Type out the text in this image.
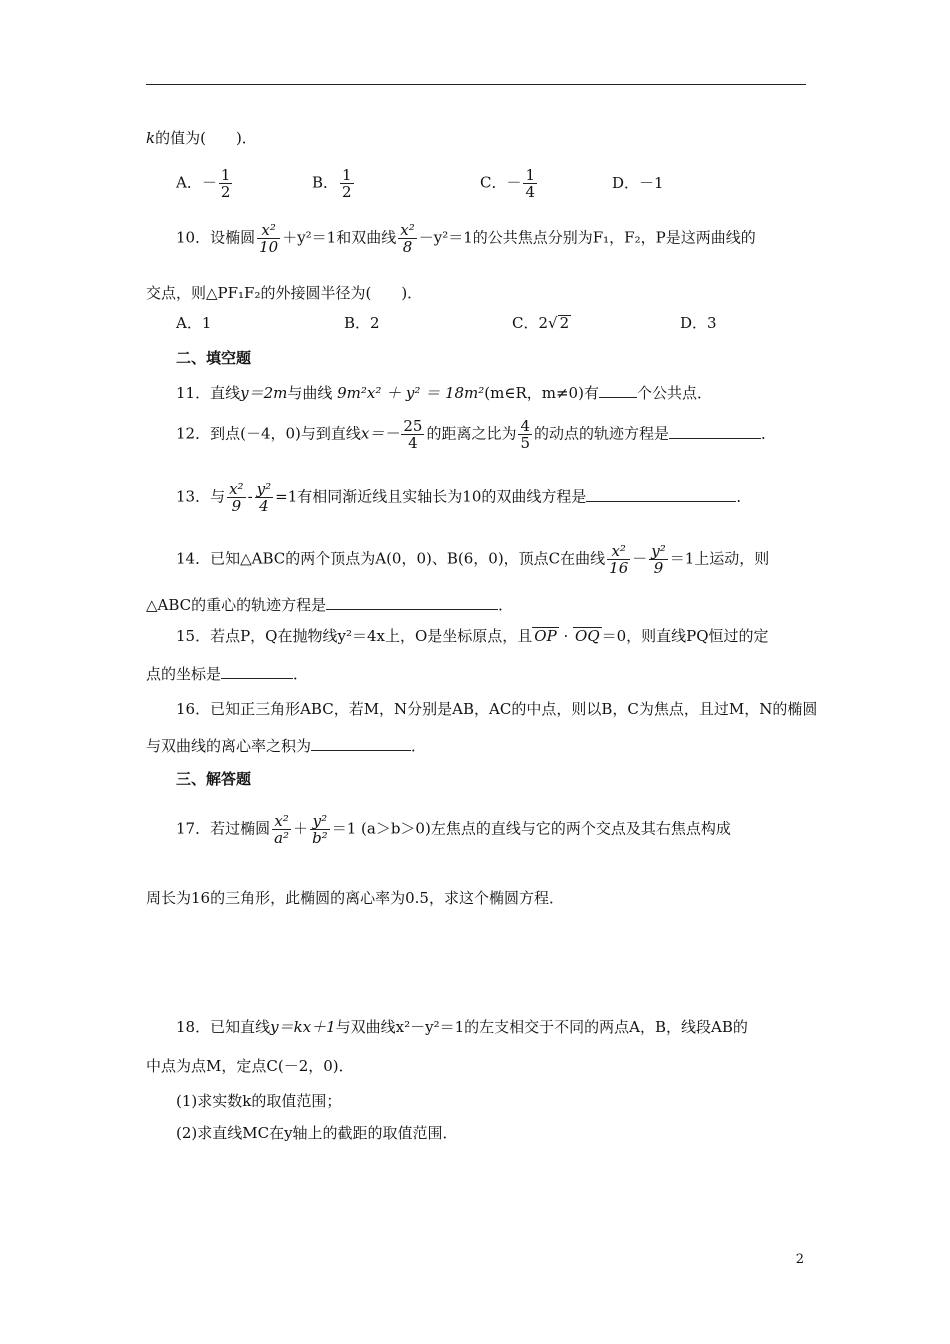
k的值为(　　)．
A．－ $\frac{1}{2}$	B． $\frac{1}{2}$	C．－ $\frac{1}{4}$	D．－1
10．设椭圆 $\frac{\text{x²}}{10} +y^2=1$和双曲线 $\frac{\text{x²}}{8} -y^2=1$的公共焦点分别为F₁，F₂，P是这两曲线的
交点，则△PF₁F₂的外接圆半径为(　　)．
A．1	B．2	C．2√ 2	D．3
二、填空题
11．直线y＝2m与曲线 9m²x² ＋ y² ＝ 18m²(m∈R，m≠0)有	个公共点．
12．到点(－4，0)与到直线$x=- \frac{25}{4}$ 的距离之比为 $\frac{4}{5}$ 的动点的轨迹方程是	．
13．与 $\frac{\text{x²}}{9} - \frac{\text{y²}}{4} =1$有相同渐近线且实轴长为10的双曲线方程是	．
14．已知△ABC的两个顶点为A(0，0)、B(6，0)，顶点C在曲线 $\frac{\text{x²}}{16} - \frac{\text{y²}}{9} =1$上运动，则
△ABC的重心的轨迹方程是	．
15．若点P，Q在抛物线y²＝4x上，O是坐标原点，且 OP · OQ ＝0，则直线PQ恒过的定
点的坐标是	．
16．已知正三角形ABC，若M，N分别是AB，AC的中点，则以B，C为焦点，且过M，N的椭圆
与双曲线的离心率之积为	．
三、解答题
17．若过椭圆 $\frac{\text{x²}}{\text{a²}} + \frac{\text{y²}}{\text{b²}} =1$ (a＞b＞0)左焦点的直线与它的两个交点及其右焦点构成
周长为16的三角形，此椭圆的离心率为0.5，求这个椭圆方程．
18．已知直线y＝kx＋1与双曲线x²－y²＝1的左支相交于不同的两点A，B，线段AB的
中点为点M，定点C(－2，0)．
(1)求实数k的取值范围；
(2)求直线MC在y轴上的截距的取值范围．
2
